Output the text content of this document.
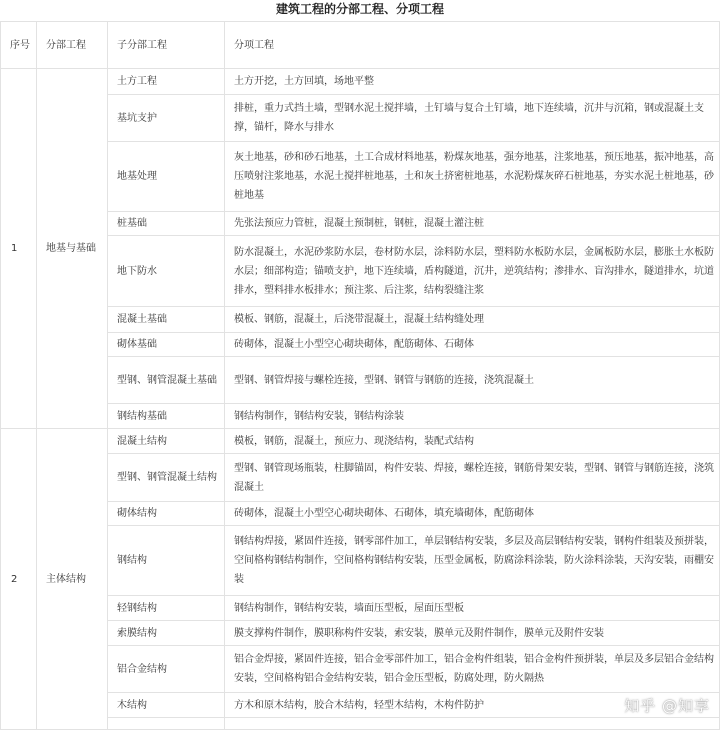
建筑工程的分部工程、分项工程
序号	分部工程	子分部工程	分项工程
1	地基与基础	土方工程	土方开挖，土方回填，场地平整
		基坑支护	排桩，重力式挡土墙，型钢水泥土搅拌墙，土钉墙与复合土钉墙，地下连续墙，沉井与沉箱，钢或混凝土支撑，锚杆，降水与排水
		地基处理	灰土地基，砂和砂石地基，土工合成材料地基，粉煤灰地基，强夯地基，注浆地基，预压地基，振冲地基，高压喷射注浆地基，水泥土搅拌桩地基，土和灰土挤密桩地基，水泥粉煤灰碎石桩地基，夯实水泥土桩地基，砂桩地基
		桩基础	先张法预应力管桩，混凝土预制桩，钢桩，混凝土灌注桩
		地下防水	防水混凝土，水泥砂浆防水层，卷材防水层，涂料防水层，塑料防水板防水层，金属板防水层，膨胀土水板防水层；细部构造；锚喷支护，地下连续墙，盾构隧道，沉井，逆筑结构；渗排水、盲沟排水，隧道排水，坑道排水，塑料排水板排水；预注浆、后注浆，结构裂缝注浆
		混凝土基础	模板、钢筋，混凝土，后浇带混凝土，混凝土结构缝处理
		砌体基础	砖砌体，混凝土小型空心砌块砌体，配筋砌体、石砌体
		型钢、钢管混凝土基础	型钢、钢管焊接与螺栓连接，型钢、钢管与钢筋的连接，浇筑混凝土
		钢结构基础	钢结构制作，钢结构安装，钢结构涂装
2	主体结构	混凝土结构	模板，钢筋，混凝土，预应力、现浇结构，装配式结构
		型钢、钢管混凝土结构	型钢、钢管现场瓶装，柱脚锚固，构件安装、焊接，螺栓连接，钢筋骨架安装，型钢、钢管与钢筋连接，浇筑混凝土
		砌体结构	砖砌体，混凝土小型空心砌块砌体、石砌体，填充墙砌体，配筋砌体
		钢结构	钢结构焊接，紧固件连接，钢零部件加工，单层钢结构安装，多层及高层钢结构安装，钢构件组装及预拼装，空间格构钢结构制作，空间格构钢结构安装，压型金属板，防腐涂料涂装，防火涂料涂装，天沟安装，雨棚安装
		轻钢结构	钢结构制作，钢结构安装，墙面压型板，屋面压型板
		索膜结构	膜支撑构件制作，膜职称构件安装，索安装，膜单元及附件制作，膜单元及附件安装
		铝合金结构	铝合金焊接，紧固件连接，铝合金零部件加工，铝合金构件组装，铝合金构件预拼装，单层及多层铝合金结构安装，空间格构铝合金结构安装，铝合金压型板，防腐处理，防火隔热
		木结构	方木和原木结构，胶合木结构，轻型木结构，木构件防护
		知乎 @知享
